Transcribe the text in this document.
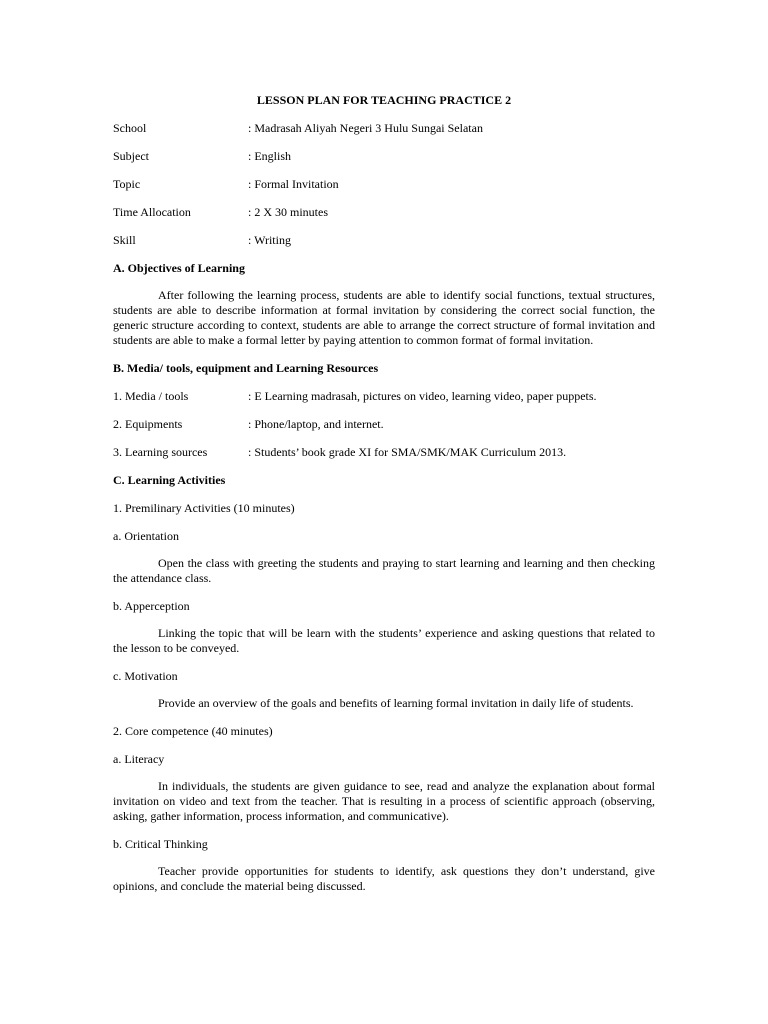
LESSON PLAN FOR TEACHING PRACTICE 2
School	: Madrasah Aliyah Negeri 3 Hulu Sungai Selatan
Subject	: English
Topic	: Formal Invitation
Time Allocation	: 2 X 30 minutes
Skill	: Writing
A. Objectives of Learning

After following the learning process, students are able to identify social functions, textual structures, students are able to describe information at formal invitation by considering the correct social function, the generic structure according to context, students are able to arrange the correct structure of formal invitation and students are able to make a formal letter by paying attention to common format of formal invitation.

B. Media/ tools, equipment and Learning Resources
1. Media / tools	: E Learning madrasah, pictures on video, learning video, paper puppets.
2. Equipments	: Phone/laptop, and internet.
3. Learning sources	: Students’ book grade XI for SMA/SMK/MAK Curriculum 2013.
C. Learning Activities
1. Premilinary Activities (10 minutes)
a. Orientation

Open the class with greeting the students and praying to start learning and learning and then checking the attendance class.

b. Apperception

Linking the topic that will be learn with the students’ experience and asking questions that related to the lesson to be conveyed.

c. Motivation

Provide an overview of the goals and benefits of learning formal invitation in daily life of students.

2. Core competence (40 minutes)
a. Literacy

In individuals, the students are given guidance to see, read and analyze the explanation about formal invitation on video and text from the teacher. That is resulting in a process of scientific approach (observing, asking, gather information, process information, and communicative).

b. Critical Thinking

Teacher provide opportunities for students to identify, ask questions they don’t understand, give opinions, and conclude the material being discussed.
